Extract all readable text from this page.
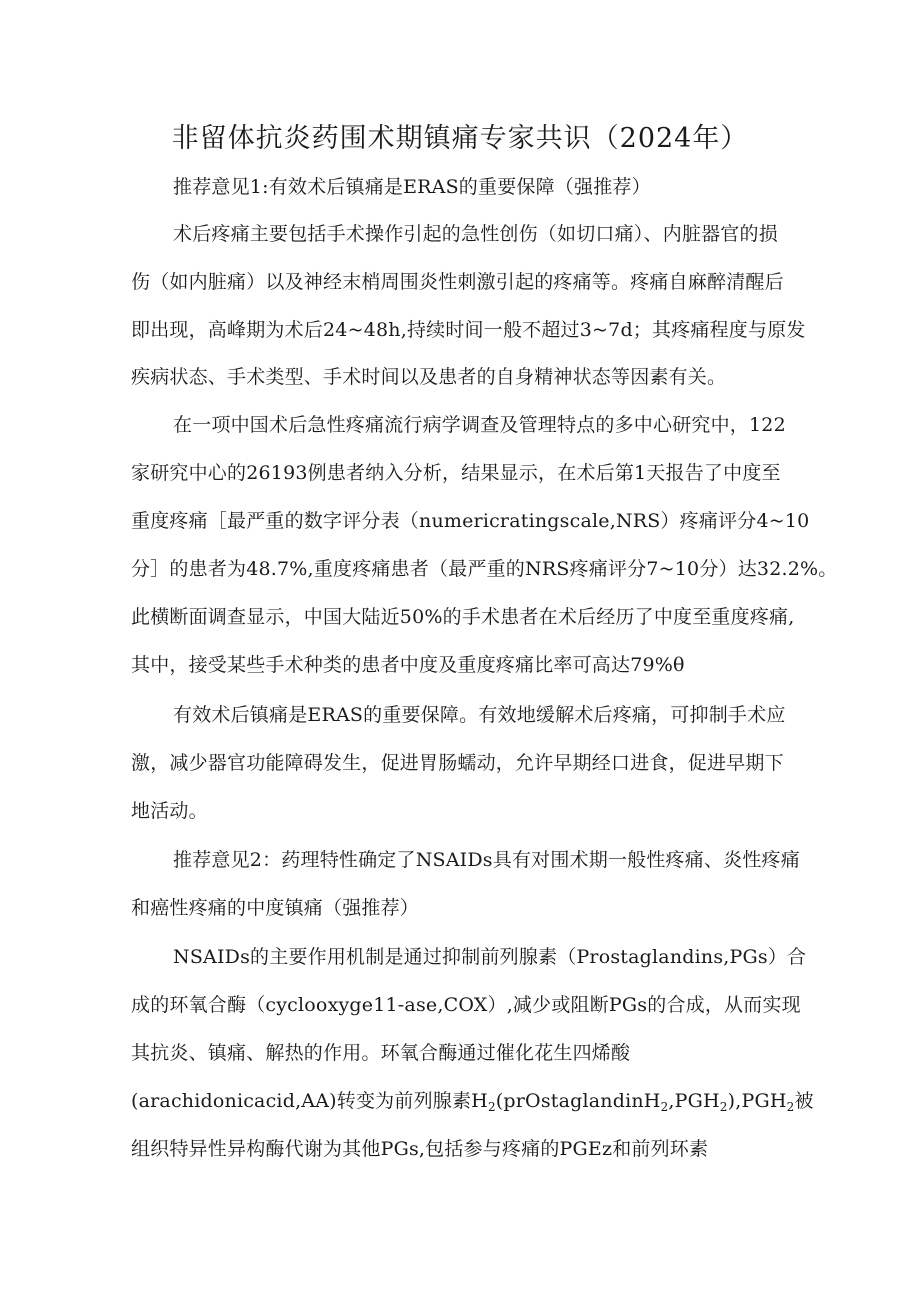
非留体抗炎药围术期镇痛专家共识（2024年）
推荐意见1:有效术后镇痛是ERAS的重要保障（强推荐）
术后疼痛主要包括手术操作引起的急性创伤（如切口痛）、内脏器官的损
伤（如内脏痛）以及神经末梢周围炎性刺激引起的疼痛等。疼痛自麻醉清醒后
即出现，高峰期为术后24~48h,持续时间一般不超过3~7d；其疼痛程度与原发
疾病状态、手术类型、手术时间以及患者的自身精神状态等因素有关。
在一项中国术后急性疼痛流行病学调查及管理特点的多中心研究中，122
家研究中心的26193例患者纳入分析，结果显示，在术后第1天报告了中度至
重度疼痛［最严重的数字评分表（numericratingscale,NRS）疼痛评分4~10
分］的患者为48.7%,重度疼痛患者（最严重的NRS疼痛评分7~10分）达32.2%。
此横断面调查显示，中国大陆近50%的手术患者在术后经历了中度至重度疼痛,
其中，接受某些手术种类的患者中度及重度疼痛比率可高达79%θ
有效术后镇痛是ERAS的重要保障。有效地缓解术后疼痛，可抑制手术应
激，减少器官功能障碍发生，促进胃肠蠕动，允许早期经口进食，促进早期下
地活动。
推荐意见2：药理特性确定了NSAIDs具有对围术期一般性疼痛、炎性疼痛
和癌性疼痛的中度镇痛（强推荐）
NSAIDs的主要作用机制是通过抑制前列腺素（Prostaglandins,PGs）合
成的环氧合酶（cyclooxyge11-ase,COX）,减少或阻断PGs的合成，从而实现
其抗炎、镇痛、解热的作用。环氧合酶通过催化花生四烯酸
(arachidonicacid,AA)转变为前列腺素$H_2(prOstaglandinH_2,PGH_2),PGH_2$被
组织特异性异构酶代谢为其他PGs,包括参与疼痛的PGEz和前列环素
